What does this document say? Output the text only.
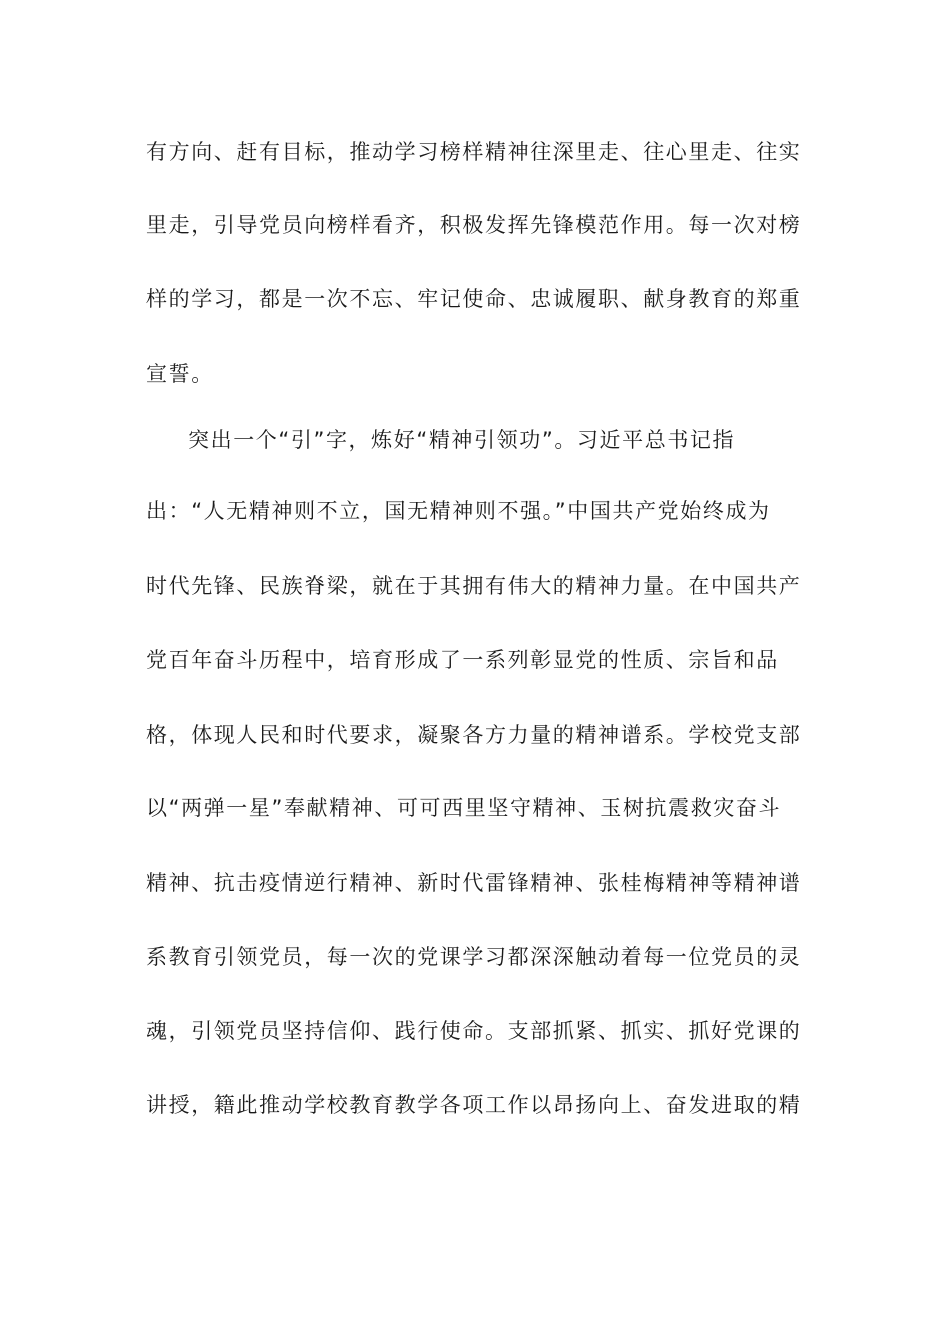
有方向、赶有目标，推动学习榜样精神往深里走、往心里走、往实
里走，引导党员向榜样看齐，积极发挥先锋模范作用。每一次对榜
样的学习，都是一次不忘、牢记使命、忠诚履职、献身教育的郑重
宣誓。
突出一个“引”字，炼好“精神引领功”。习近平总书记指
出：“人无精神则不立，国无精神则不强。”中国共产党始终成为
时代先锋、民族脊梁，就在于其拥有伟大的精神力量。在中国共产
党百年奋斗历程中，培育形成了一系列彰显党的性质、宗旨和品
格，体现人民和时代要求，凝聚各方力量的精神谱系。学校党支部
以“两弹一星”奉献精神、可可西里坚守精神、玉树抗震救灾奋斗
精神、抗击疫情逆行精神、新时代雷锋精神、张桂梅精神等精神谱
系教育引领党员，每一次的党课学习都深深触动着每一位党员的灵
魂，引领党员坚持信仰、践行使命。支部抓紧、抓实、抓好党课的
讲授，籍此推动学校教育教学各项工作以昂扬向上、奋发进取的精
